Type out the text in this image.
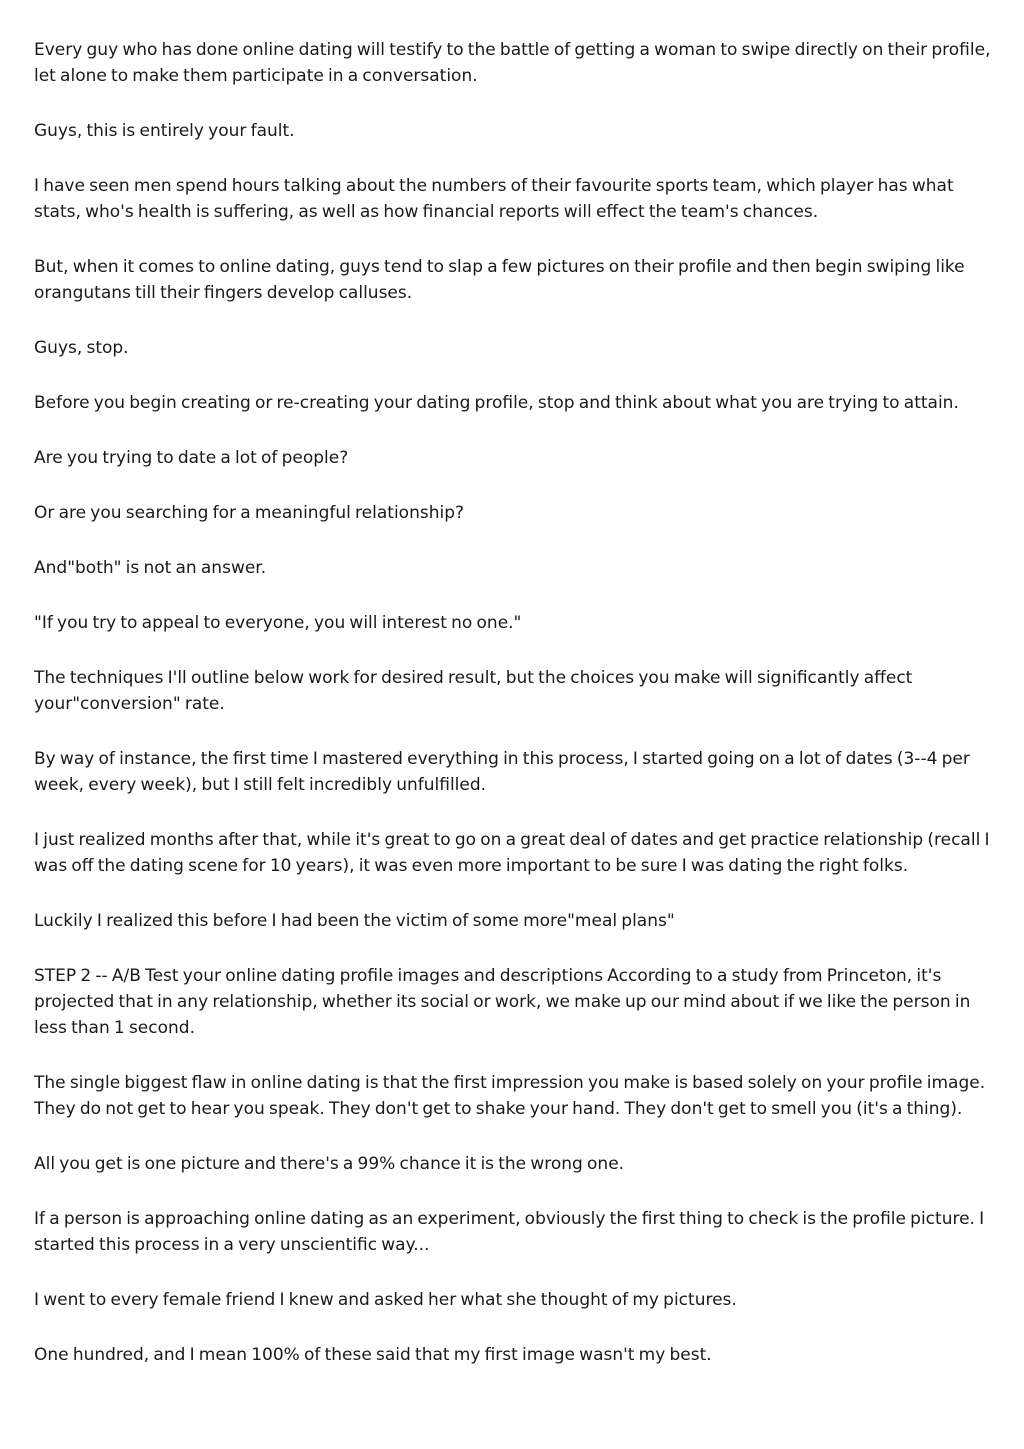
Every guy who has done online dating will testify to the battle of getting a woman to swipe directly on their profile, let alone to make them participate in a conversation.

Guys, this is entirely your fault.

I have seen men spend hours talking about the numbers of their favourite sports team, which player has what stats, who's health is suffering, as well as how financial reports will effect the team's chances.

But, when it comes to online dating, guys tend to slap a few pictures on their profile and then begin swiping like orangutans till their fingers develop calluses.

Guys, stop.

Before you begin creating or re-creating your dating profile, stop and think about what you are trying to attain.

Are you trying to date a lot of people?

Or are you searching for a meaningful relationship?

And"both" is not an answer.

"If you try to appeal to everyone, you will interest no one."

The techniques I'll outline below work for desired result, but the choices you make will significantly affect your"conversion" rate.

By way of instance, the first time I mastered everything in this process, I started going on a lot of dates (3--4 per week, every week), but I still felt incredibly unfulfilled.

I just realized months after that, while it's great to go on a great deal of dates and get practice relationship (recall I was off the dating scene for 10 years), it was even more important to be sure I was dating the right folks.

Luckily I realized this before I had been the victim of some more"meal plans"

STEP 2 -- A/B Test your online dating profile images and descriptions According to a study from Princeton, it's projected that in any relationship, whether its social or work, we make up our mind about if we like the person in less than 1 second.

The single biggest flaw in online dating is that the first impression you make is based solely on your profile image. They do not get to hear you speak. They don't get to shake your hand. They don't get to smell you (it's a thing).

All you get is one picture and there's a 99% chance it is the wrong one.

If a person is approaching online dating as an experiment, obviously the first thing to check is the profile picture. I started this process in a very unscientific way...

I went to every female friend I knew and asked her what she thought of my pictures.

One hundred, and I mean 100% of these said that my first image wasn't my best.
